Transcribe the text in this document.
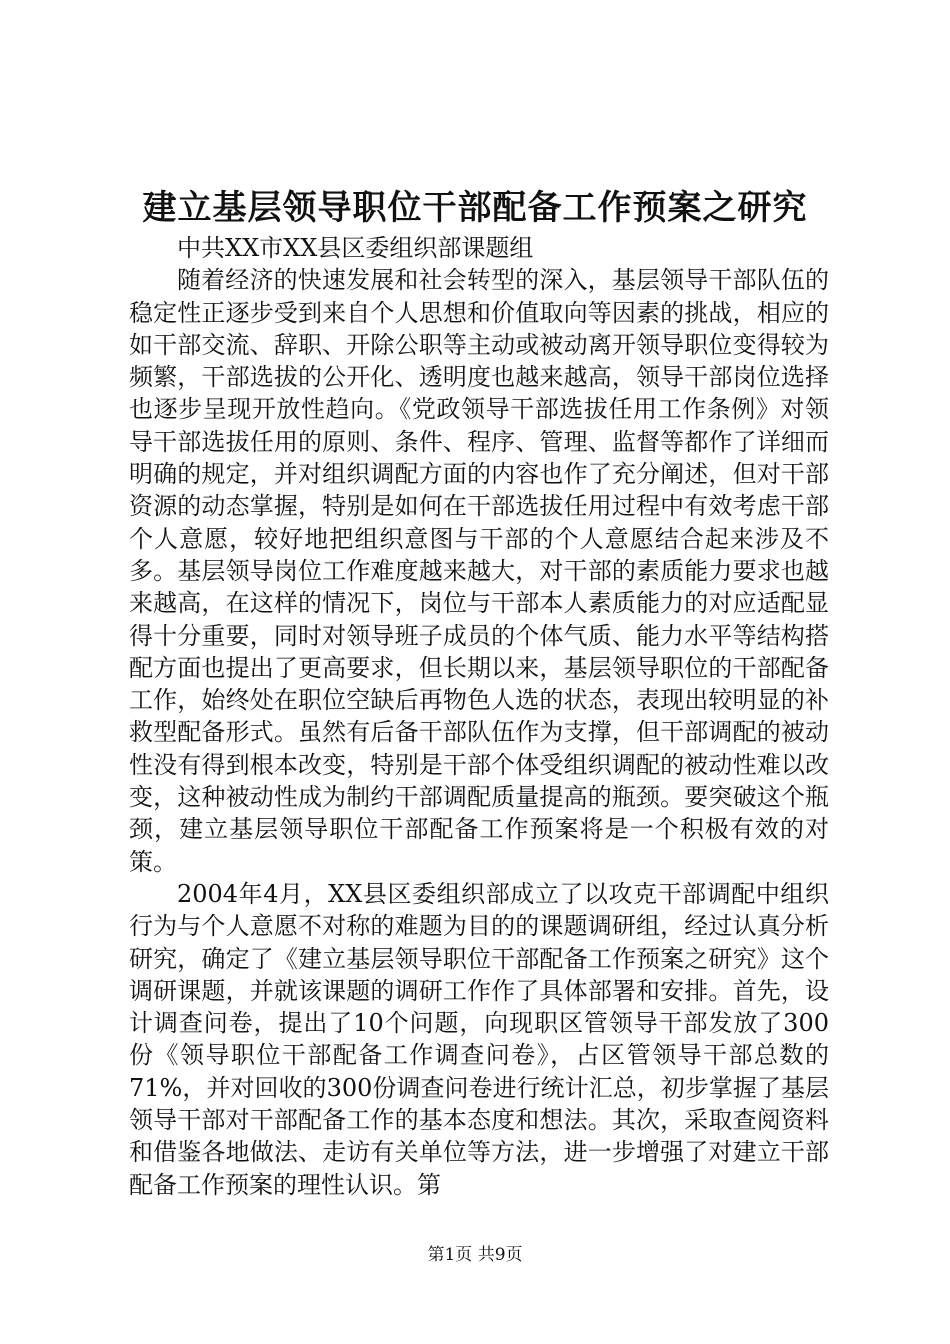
建立基层领导职位干部配备工作预案之研究

中共XX市XX县区委组织部课题组

随着经济的快速发展和社会转型的深入，基层领导干部队伍的稳定性正逐步受到来自个人思想和价值取向等因素的挑战，相应的如干部交流、辞职、开除公职等主动或被动离开领导职位变得较为频繁，干部选拔的公开化、透明度也越来越高，领导干部岗位选择也逐步呈现开放性趋向。《党政领导干部选拔任用工作条例》对领导干部选拔任用的原则、条件、程序、管理、监督等都作了详细而明确的规定，并对组织调配方面的内容也作了充分阐述，但对干部资源的动态掌握，特别是如何在干部选拔任用过程中有效考虑干部个人意愿，较好地把组织意图与干部的个人意愿结合起来涉及不多。基层领导岗位工作难度越来越大，对干部的素质能力要求也越来越高，在这样的情况下，岗位与干部本人素质能力的对应适配显得十分重要，同时对领导班子成员的个体气质、能力水平等结构搭配方面也提出了更高要求，但长期以来，基层领导职位的干部配备工作，始终处在职位空缺后再物色人选的状态，表现出较明显的补救型配备形式。虽然有后备干部队伍作为支撑，但干部调配的被动性没有得到根本改变，特别是干部个体受组织调配的被动性难以改变，这种被动性成为制约干部调配质量提高的瓶颈。要突破这个瓶颈，建立基层领导职位干部配备工作预案将是一个积极有效的对策。

2004年4月，XX县区委组织部成立了以攻克干部调配中组织行为与个人意愿不对称的难题为目的的课题调研组，经过认真分析研究，确定了《建立基层领导职位干部配备工作预案之研究》这个调研课题，并就该课题的调研工作作了具体部署和安排。首先，设计调查问卷，提出了10个问题，向现职区管领导干部发放了300份《领导职位干部配备工作调查问卷》，占区管领导干部总数的71%，并对回收的300份调查问卷进行统计汇总，初步掌握了基层领导干部对干部配备工作的基本态度和想法。其次，采取查阅资料和借鉴各地做法、走访有关单位等方法，进一步增强了对建立干部配备工作预案的理性认识。第

第1页 共9页
